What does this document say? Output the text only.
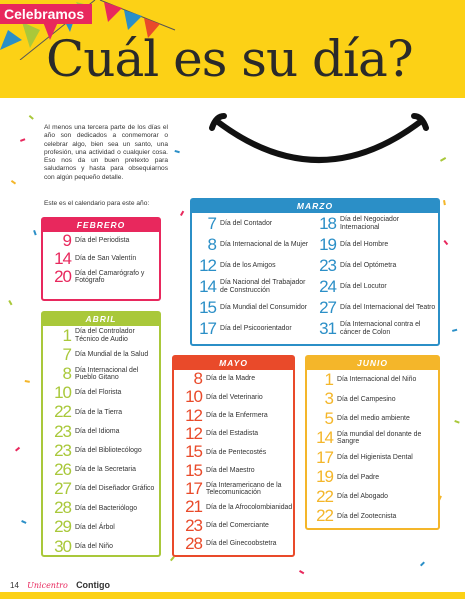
Celebramos
Cuál es su día?
Al menos una tercera parte de los días el año son dedicados a conmemorar o celebrar algo, bien sea un santo, una profesión, una actividad o cualquier cosa. Eso nos da un buen pretexto para saludarnos y hasta para obsequiarnos con algún pequeño detalle.
Este es el calendario para este año:
FEBRERO
9 Día del Periodista
14 Día de San Valentín
20 Día del Camarógrafo y Fotógrafo
MARZO
7 Día del Contador
8 Día Internacional de la Mujer
12 Día de los Amigos
14 Día Nacional del Trabajador de Construcción
15 Día Mundial del Consumidor
17 Día del Psicoorientador
18 Día del Negociador Internacional
19 Día del Hombre
23 Día del Optómetra
24 Día del Locutor
27 Día del Internacional del Teatro
31 Día Internacional contra el cáncer de Colon
ABRIL
1 Día del Controlador Técnico de Audio
7 Día Mundial de la Salud
8 Día Internacional del Pueblo Gitano
10 Día del Florista
22 Día de la Tierra
23 Día del Idioma
23 Día del Bibliotecólogo
26 Día de la Secretaria
27 Día del Diseñador Gráfico
28 Día del Bacteriólogo
29 Día del Árbol
30 Día del Niño
MAYO
8 Día de la Madre
10 Día del Veterinario
12 Día de la Enfermera
12 Día del Estadista
15 Día de Pentecostés
15 Día del Maestro
17 Día Interamericano de la Telecomunicación
21 Día de la Afrocolombianidad
23 Día del Comerciante
28 Día del Ginecoobstetra
JUNIO
1 Día Internacional del Niño
3 Día del Campesino
5 Día del medio ambiente
14 Día mundial del donante de Sangre
17 Día del Higienista Dental
19 Día del Padre
22 Día del Abogado
22 Día del Zootecnista
14 Unicentro Contigo
